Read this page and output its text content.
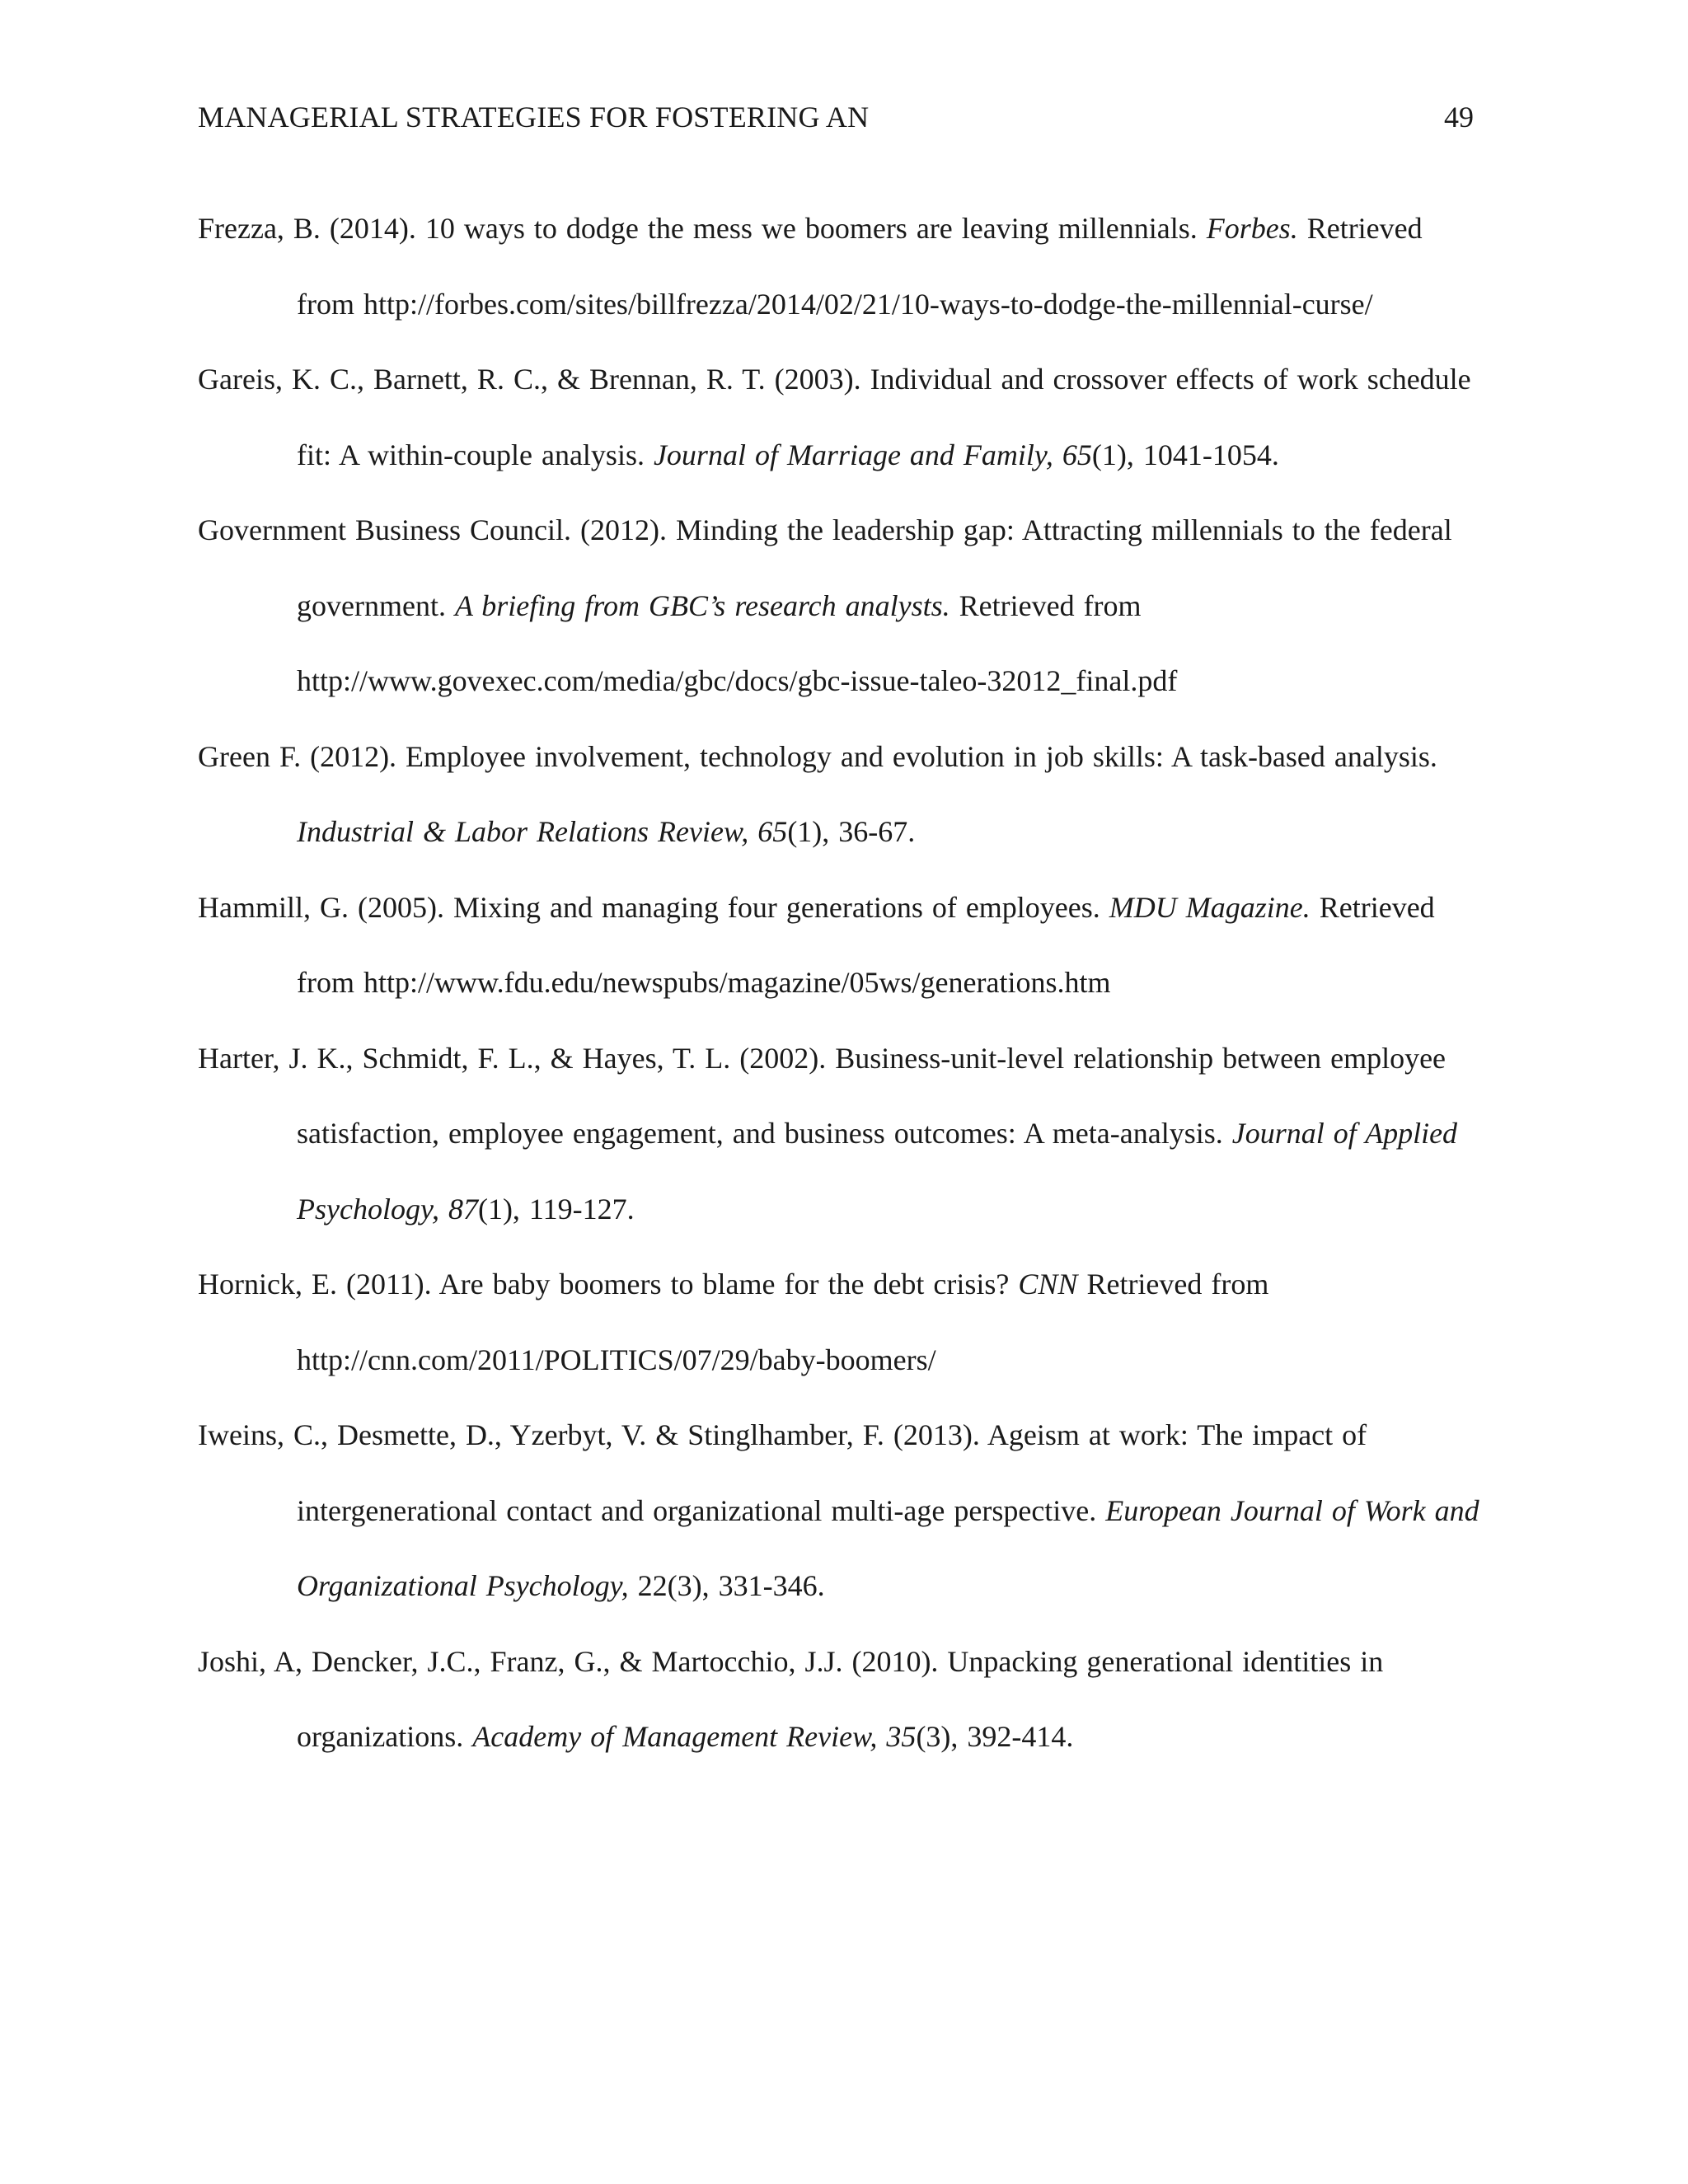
MANAGERIAL STRATEGIES FOR FOSTERING AN	49

Frezza, B. (2014). 10 ways to dodge the mess we boomers are leaving millennials. Forbes. Retrieved from http://forbes.com/sites/billfrezza/2014/02/21/10-ways-to-dodge-the-millennial-curse/

Gareis, K. C., Barnett, R. C., & Brennan, R. T. (2003). Individual and crossover effects of work schedule fit: A within-couple analysis. Journal of Marriage and Family, 65(1), 1041-1054.

Government Business Council. (2012). Minding the leadership gap: Attracting millennials to the federal government. A briefing from GBC’s research analysts. Retrieved from http://www.govexec.com/media/gbc/docs/gbc-issue-taleo-32012_final.pdf

Green F. (2012). Employee involvement, technology and evolution in job skills: A task-based analysis. Industrial & Labor Relations Review, 65(1), 36-67.

Hammill, G. (2005). Mixing and managing four generations of employees. MDU Magazine. Retrieved from http://www.fdu.edu/newspubs/magazine/05ws/generations.htm

Harter, J. K., Schmidt, F. L., & Hayes, T. L. (2002). Business-unit-level relationship between employee satisfaction, employee engagement, and business outcomes: A meta-analysis. Journal of Applied Psychology, 87(1), 119-127.

Hornick, E. (2011). Are baby boomers to blame for the debt crisis? CNN Retrieved from http://cnn.com/2011/POLITICS/07/29/baby-boomers/

Iweins, C., Desmette, D., Yzerbyt, V. & Stinglhamber, F. (2013). Ageism at work: The impact of intergenerational contact and organizational multi-age perspective. European Journal of Work and Organizational Psychology, 22(3), 331-346.

Joshi, A, Dencker, J.C., Franz, G., & Martocchio, J.J. (2010). Unpacking generational identities in organizations. Academy of Management Review, 35(3), 392-414.
